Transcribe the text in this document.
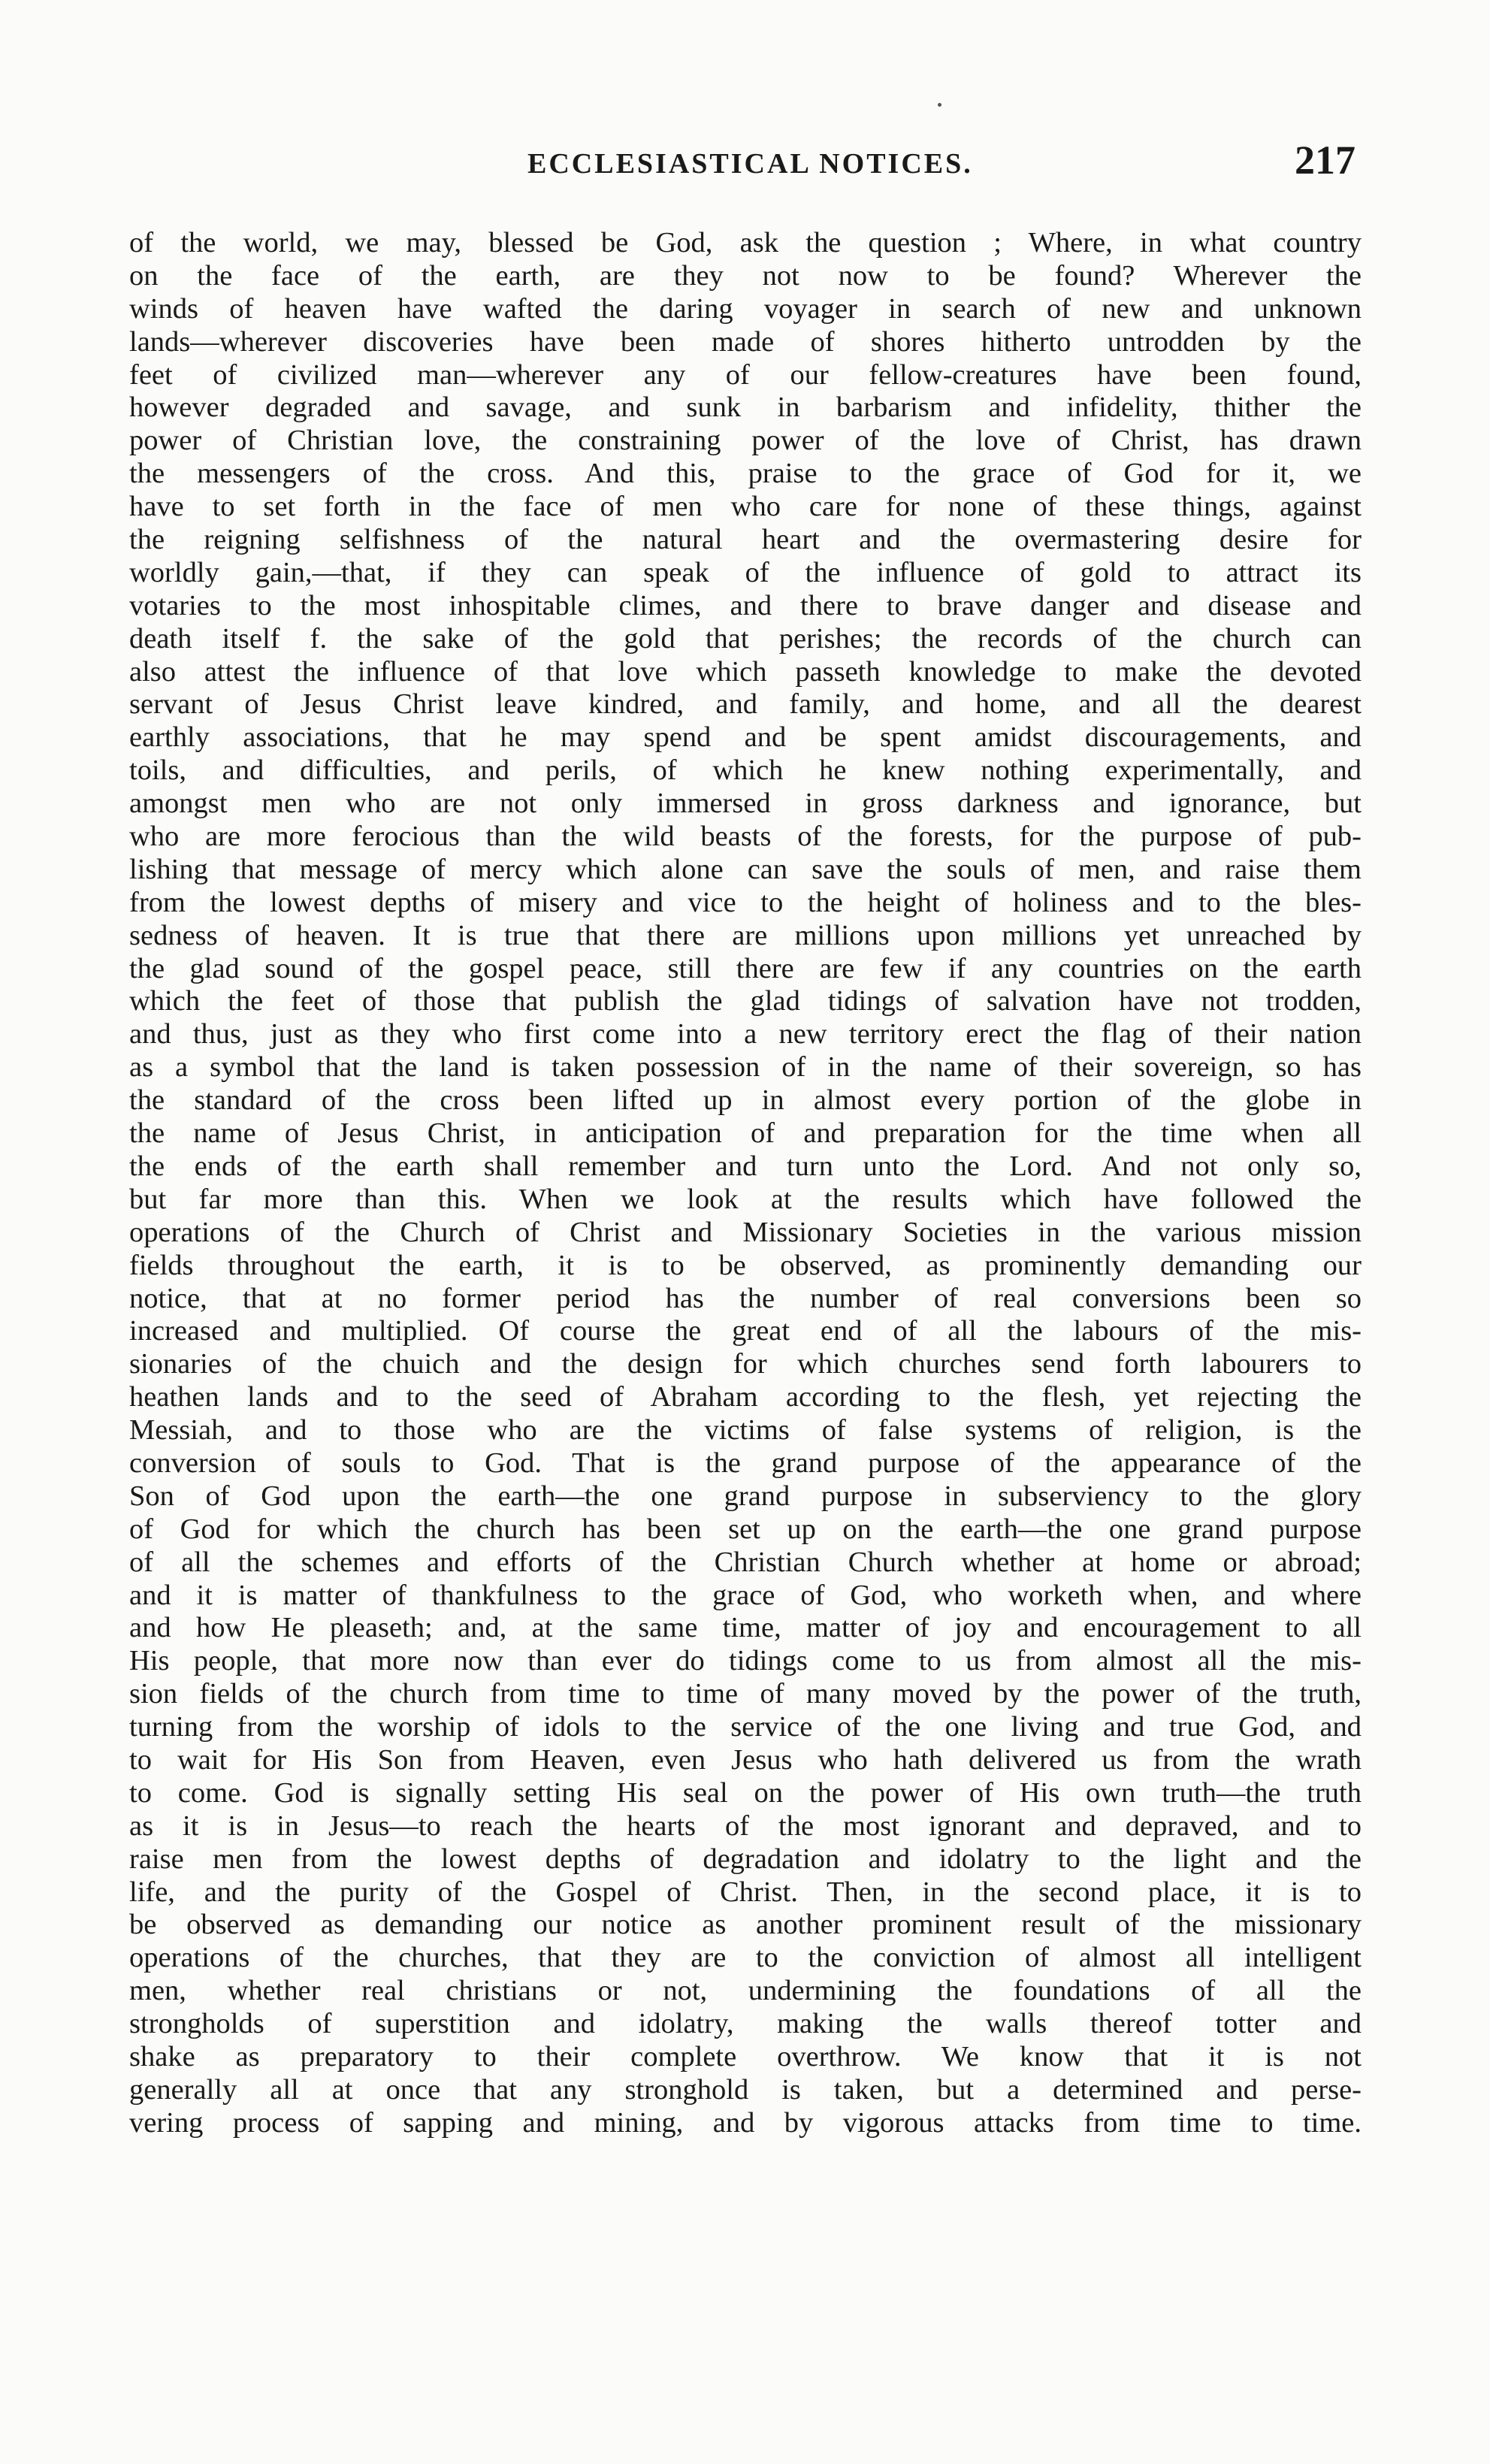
ECCLESIASTICAL NOTICES.	217
of the world, we may, blessed be God, ask the question ; Where, in what country
on the face of the earth, are they not now to be found? Wherever the
winds of heaven have wafted the daring voyager in search of new and unknown
lands—wherever discoveries have been made of shores hitherto untrodden by the
feet of civilized man—wherever any of our fellow-creatures have been found,
however degraded and savage, and sunk in barbarism and infidelity, thither the
power of Christian love, the constraining power of the love of Christ, has drawn
the messengers of the cross. And this, praise to the grace of God for it, we
have to set forth in the face of men who care for none of these things, against
the reigning selfishness of the natural heart and the overmastering desire for
worldly gain,—that, if they can speak of the influence of gold to attract its
votaries to the most inhospitable climes, and there to brave danger and disease and
death itself f. the sake of the gold that perishes; the records of the church can
also attest the influence of that love which passeth knowledge to make the devoted
servant of Jesus Christ leave kindred, and family, and home, and all the dearest
earthly associations, that he may spend and be spent amidst discouragements, and
toils, and difficulties, and perils, of which he knew nothing experimentally, and
amongst men who are not only immersed in gross darkness and ignorance, but
who are more ferocious than the wild beasts of the forests, for the purpose of pub-
lishing that message of mercy which alone can save the souls of men, and raise them
from the lowest depths of misery and vice to the height of holiness and to the bles-
sedness of heaven. It is true that there are millions upon millions yet unreached by
the glad sound of the gospel peace, still there are few if any countries on the earth
which the feet of those that publish the glad tidings of salvation have not trodden,
and thus, just as they who first come into a new territory erect the flag of their nation
as a symbol that the land is taken possession of in the name of their sovereign, so has
the standard of the cross been lifted up in almost every portion of the globe in
the name of Jesus Christ, in anticipation of and preparation for the time when all
the ends of the earth shall remember and turn unto the Lord. And not only so,
but far more than this. When we look at the results which have followed the
operations of the Church of Christ and Missionary Societies in the various mission
fields throughout the earth, it is to be observed, as prominently demanding our
notice, that at no former period has the number of real conversions been so
increased and multiplied. Of course the great end of all the labours of the mis-
sionaries of the chuich and the design for which churches send forth labourers to
heathen lands and to the seed of Abraham according to the flesh, yet rejecting the
Messiah, and to those who are the victims of false systems of religion, is the
conversion of souls to God. That is the grand purpose of the appearance of the
Son of God upon the earth—the one grand purpose in subserviency to the glory
of God for which the church has been set up on the earth—the one grand purpose
of all the schemes and efforts of the Christian Church whether at home or abroad;
and it is matter of thankfulness to the grace of God, who worketh when, and where
and how He pleaseth; and, at the same time, matter of joy and encouragement to all
His people, that more now than ever do tidings come to us from almost all the mis-
sion fields of the church from time to time of many moved by the power of the truth,
turning from the worship of idols to the service of the one living and true God, and
to wait for His Son from Heaven, even Jesus who hath delivered us from the wrath
to come. God is signally setting His seal on the power of His own truth—the truth
as it is in Jesus—to reach the hearts of the most ignorant and depraved, and to
raise men from the lowest depths of degradation and idolatry to the light and the
life, and the purity of the Gospel of Christ. Then, in the second place, it is to
be observed as demanding our notice as another prominent result of the missionary
operations of the churches, that they are to the conviction of almost all intelligent
men, whether real christians or not, undermining the foundations of all the
strongholds of superstition and idolatry, making the walls thereof totter and
shake as preparatory to their complete overthrow. We know that it is not
generally all at once that any stronghold is taken, but a determined and perse-
vering process of sapping and mining, and by vigorous attacks from time to time.
